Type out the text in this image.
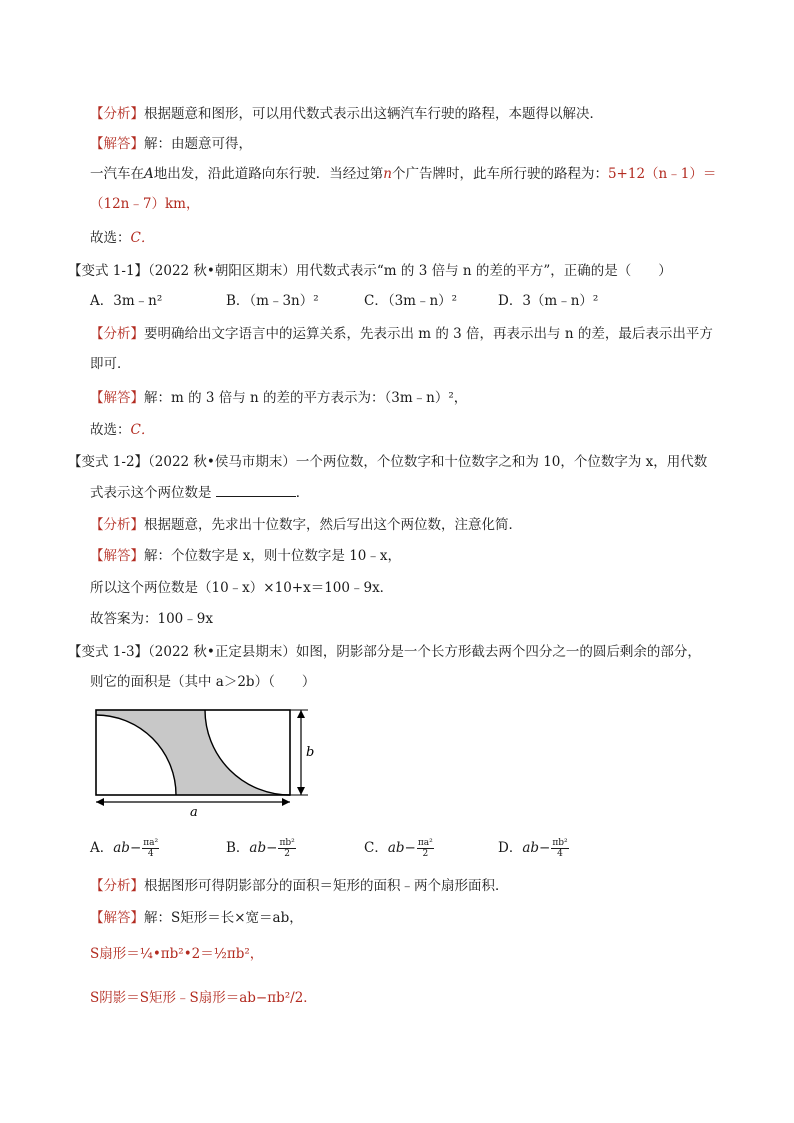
【分析】根据题意和图形，可以用代数式表示出这辆汽车行驶的路程，本题得以解决．
【解答】解：由题意可得，
一汽车在A地出发，沿此道路向东行驶．当经过第n个广告牌时，此车所行驶的路程为：5+12（n﹣1）＝
（12n﹣7）km，
故选：C．
【变式 1-1】（2022 秋•朝阳区期末）用代数式表示“m 的 3 倍与 n 的差的平方”，正确的是（　　）
A．3m﹣n²	B．（m﹣3n）²	C．（3m﹣n）²	D．3（m﹣n）²
【分析】要明确给出文字语言中的运算关系，先表示出 m 的 3 倍，再表示出与 n 的差，最后表示出平方
即可．
【解答】解：m 的 3 倍与 n 的差的平方表示为：（3m﹣n）²，
故选：C．
【变式 1-2】（2022 秋•侯马市期末）一个两位数，个位数字和十位数字之和为 10，个位数字为 x，用代数
式表示这个两位数是	．
【分析】根据题意，先求出十位数字，然后写出这个两位数，注意化简．
【解答】解：个位数字是 x，则十位数字是 10﹣x，
所以这个两位数是（10﹣x）×10+x＝100﹣9x．
故答案为：100﹣9x
【变式 1-3】（2022 秋•正定县期末）如图，阴影部分是一个长方形截去两个四分之一的圆后剩余的部分，
则它的面积是（其中 a＞2b）（　　）
b
a
A．$ab- \frac{\text{πa²}}{4}$	B．$ab- \frac{\text{πb²}}{2}$	C．$ab- \frac{\text{πa²}}{2}$	D．$ab- \frac{\text{πb²}}{4}$
【分析】根据图形可得阴影部分的面积＝矩形的面积﹣两个扇形面积．
【解答】解：S矩形＝长×宽＝ab，
S扇形＝¼•πb²•2＝½πb²，
S阴影＝S矩形﹣S扇形＝ab−πb²/2．
